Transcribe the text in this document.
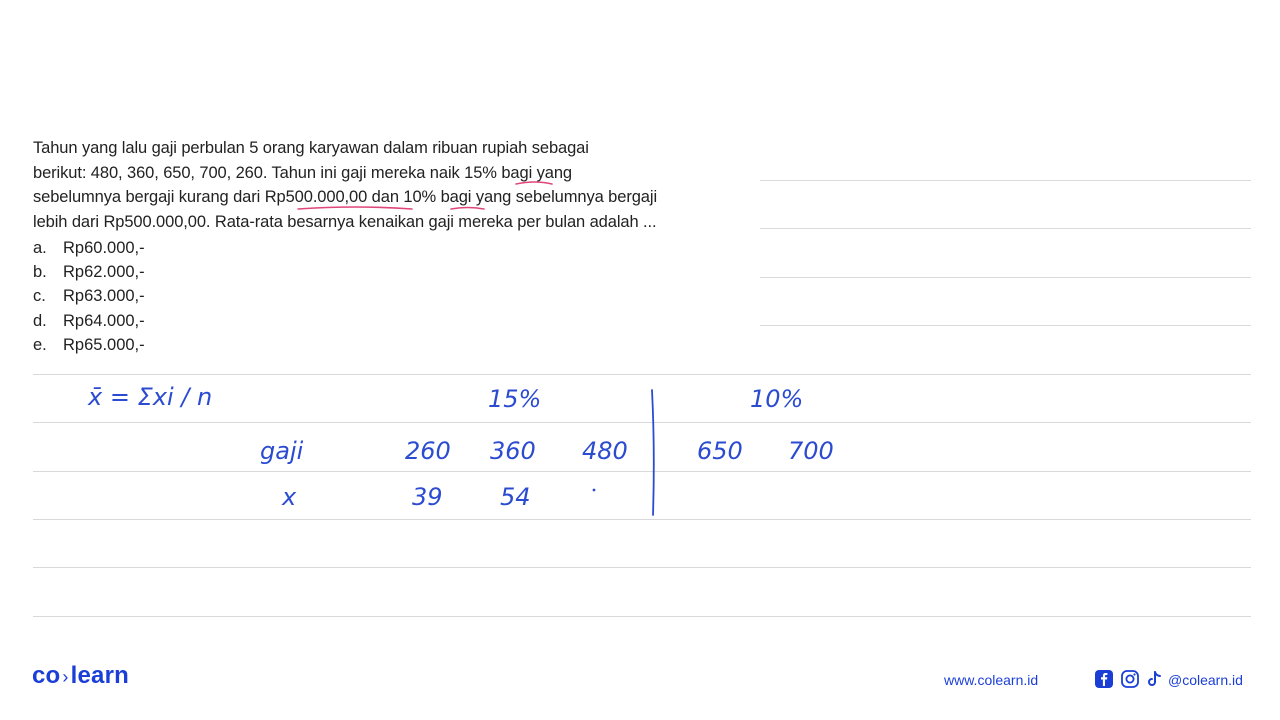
Tahun yang lalu gaji perbulan 5 orang karyawan dalam ribuan rupiah sebagai
berikut: 480, 360, 650, 700, 260. Tahun ini gaji mereka naik 15% bagi yang
sebelumnya bergaji kurang dari Rp500.000,00 dan 10% bagi yang sebelumnya bergaji
lebih dari Rp500.000,00. Rata-rata besarnya kenaikan gaji mereka per bulan adalah ...
a. Rp60.000,-
b. Rp62.000,-
c. Rp63.000,-
d. Rp64.000,-
e. Rp65.000,-
x̄ = Σxi / n	15%	10%
gaji	260 360 480	650 700
x	39 54
co ›learn	www.colearn.id	@colearn.id
